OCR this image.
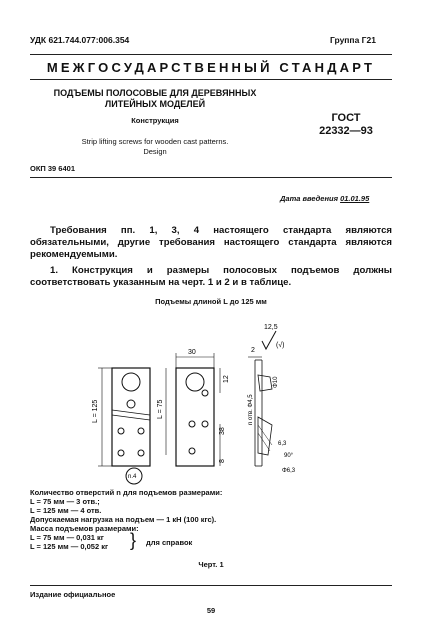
УДК 621.744.077:006.354	Группа Г21
МЕЖГОСУДАРСТВЕННЫЙ СТАНДАРТ
ПОДЪЕМЫ ПОЛОСОВЫЕ ДЛЯ ДЕРЕВЯННЫХ
ЛИТЕЙНЫХ МОДЕЛЕЙ
Конструкция
Strip lifting screws for wooden cast patterns.
Design
ГОСТ
22332—93
ОКП 39 6401
Дата введения 01.01.95
Требования пп. 1, 3, 4 настоящего стандарта являются обязательными, другие требования настоящего стандарта являются рекомендуемыми.
1. Конструкция и размеры полосовых подъемов должны соответствовать указанным на черт. 1 и 2 и в таблице.
Подъемы длиной L до 125 мм
L = 125
30
12
L = 75
38
8
n.4
2
n отв. Φ4,5
Φ10
6,3
90°
Φ6,3
12,5
(√)
Количество отверстий n для подъемов размерами:
L = 75 мм — 3 отв.;
L = 125 мм — 4 отв.
Допускаемая нагрузка на подъем — 1 кН (100 кгс).
Масса подъемов размерами:
L = 75 мм — 0,031 кг
L = 125 мм — 0,052 кг	} для справок
Черт. 1
Издание официальное
59
